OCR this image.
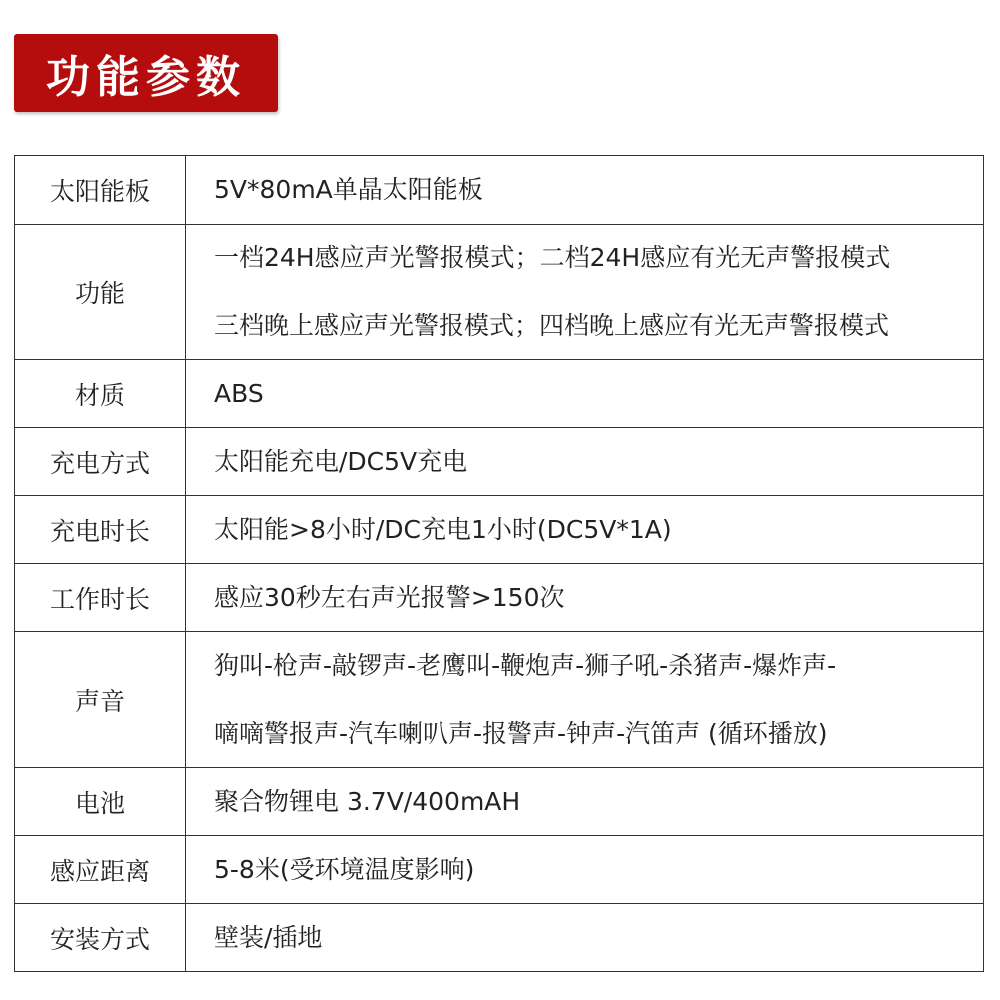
功能参数
太阳能板	5V*80mA单晶太阳能板

功能	一档24H感应声光警报模式；二档24H感应有光无声警报模式
三档晚上感应声光警报模式；四档晚上感应有光无声警报模式

材质	ABS

充电方式	太阳能充电/DC5V充电

充电时长	太阳能>8小时/DC充电1小时(DC5V*1A)

工作时长	感应30秒左右声光报警>150次

声音	狗叫-枪声-敲锣声-老鹰叫-鞭炮声-狮子吼-杀猪声-爆炸声-
嘀嘀警报声-汽车喇叭声-报警声-钟声-汽笛声 (循环播放)

电池	聚合物锂电 3.7V/400mAH

感应距离	5-8米(受环境温度影响)

安装方式	壁装/插地
